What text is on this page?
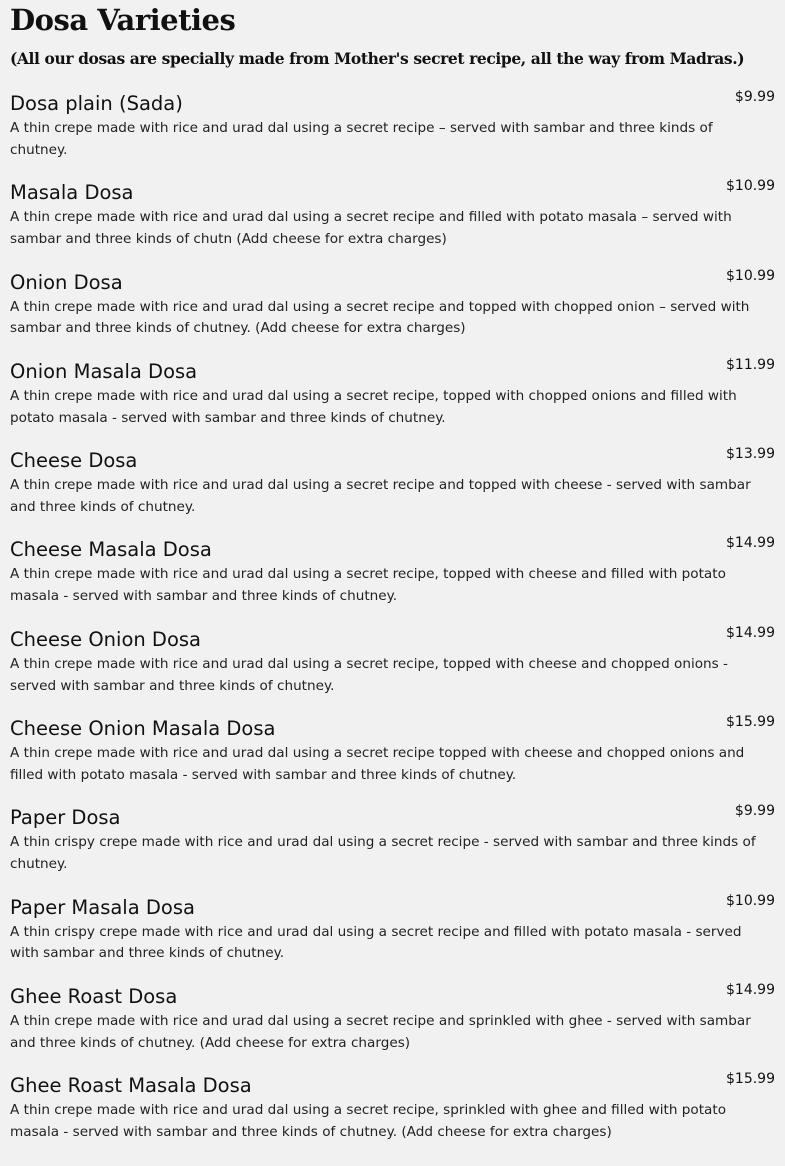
Dosa Varieties
(All our dosas are specially made from Mother's secret recipe, all the way from Madras.)
Dosa plain (Sada)	$9.99
A thin crepe made with rice and urad dal using a secret recipe – served with sambar and three kinds of chutney.
Masala Dosa	$10.99
A thin crepe made with rice and urad dal using a secret recipe and filled with potato masala – served with sambar and three kinds of chutn (Add cheese for extra charges)
Onion Dosa	$10.99
A thin crepe made with rice and urad dal using a secret recipe and topped with chopped onion – served with sambar and three kinds of chutney. (Add cheese for extra charges)
Onion Masala Dosa	$11.99
A thin crepe made with rice and urad dal using a secret recipe, topped with chopped onions and filled with potato masala - served with sambar and three kinds of chutney.
Cheese Dosa	$13.99
A thin crepe made with rice and urad dal using a secret recipe and topped with cheese - served with sambar and three kinds of chutney.
Cheese Masala Dosa	$14.99
A thin crepe made with rice and urad dal using a secret recipe, topped with cheese and filled with potato masala - served with sambar and three kinds of chutney.
Cheese Onion Dosa	$14.99
A thin crepe made with rice and urad dal using a secret recipe, topped with cheese and chopped onions - served with sambar and three kinds of chutney.
Cheese Onion Masala Dosa	$15.99
A thin crepe made with rice and urad dal using a secret recipe topped with cheese and chopped onions and filled with potato masala - served with sambar and three kinds of chutney.
Paper Dosa	$9.99
A thin crispy crepe made with rice and urad dal using a secret recipe - served with sambar and three kinds of chutney.
Paper Masala Dosa	$10.99
A thin crispy crepe made with rice and urad dal using a secret recipe and filled with potato masala - served with sambar and three kinds of chutney.
Ghee Roast Dosa	$14.99
A thin crepe made with rice and urad dal using a secret recipe and sprinkled with ghee - served with sambar and three kinds of chutney. (Add cheese for extra charges)
Ghee Roast Masala Dosa	$15.99
A thin crepe made with rice and urad dal using a secret recipe, sprinkled with ghee and filled with potato masala - served with sambar and three kinds of chutney. (Add cheese for extra charges)
